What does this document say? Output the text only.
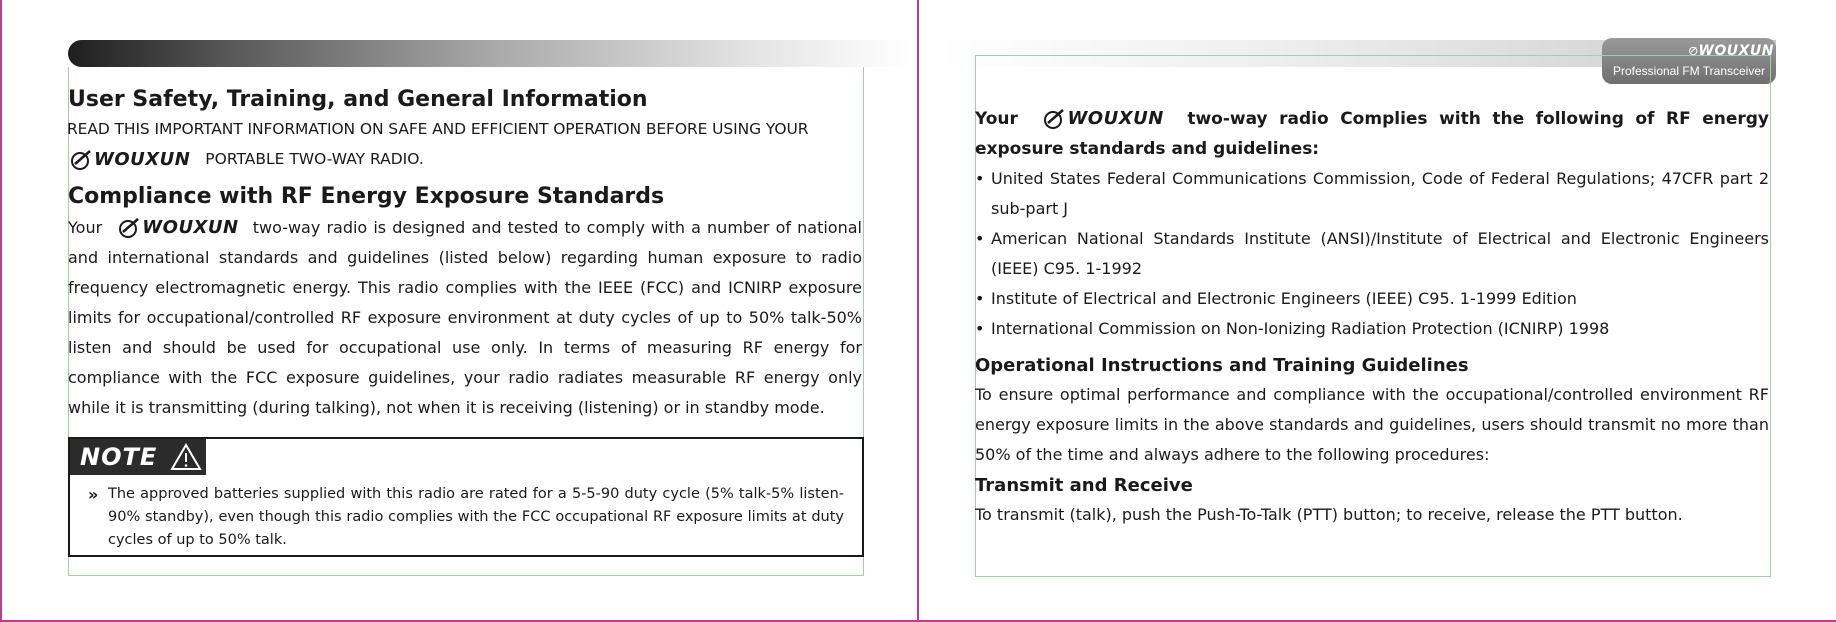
WOUXUN
Professional FM Transceiver
User Safety, Training, and General Information

READ THIS IMPORTANT INFORMATION ON SAFE AND EFFICIENT OPERATION BEFORE USING YOUR

WOUXUN PORTABLE TWO-WAY RADIO.

Compliance with RF Energy Exposure Standards

Your WOUXUN two-way radio is designed and tested to comply with a number of national and international standards and guidelines (listed below) regarding human exposure to radio frequency electromagnetic energy. This radio complies with the IEEE (FCC) and ICNIRP exposure limits for occupational/controlled RF exposure environment at duty cycles of up to 50% talk-50% listen and should be used for occupational use only. In terms of measuring RF energy for compliance with the FCC exposure guidelines, your radio radiates measurable RF energy only while it is transmitting (during talking), not when it is receiving (listening) or in standby mode.

NOTE
» The approved batteries supplied with this radio are rated for a 5-5-90 duty cycle (5% talk-5% listen-90% standby), even though this radio complies with the FCC occupational RF exposure limits at duty cycles of up to 50% talk.

Your	WOUXUN two-way radio Complies with the following of RF energy exposure standards and guidelines:

• United States Federal Communications Commission, Code of Federal Regulations; 47CFR part 2 sub-part J
• American National Standards Institute (ANSI)/Institute of Electrical and Electronic Engineers (IEEE) C95. 1-1992
• Institute of Electrical and Electronic Engineers (IEEE) C95. 1-1999 Edition
• International Commission on Non-Ionizing Radiation Protection (ICNIRP) 1998
Operational Instructions and Training Guidelines

To ensure optimal performance and compliance with the occupational/controlled environment RF energy exposure limits in the above standards and guidelines, users should transmit no more than 50% of the time and always adhere to the following procedures:

Transmit and Receive

To transmit (talk), push the Push-To-Talk (PTT) button; to receive, release the PTT button.
